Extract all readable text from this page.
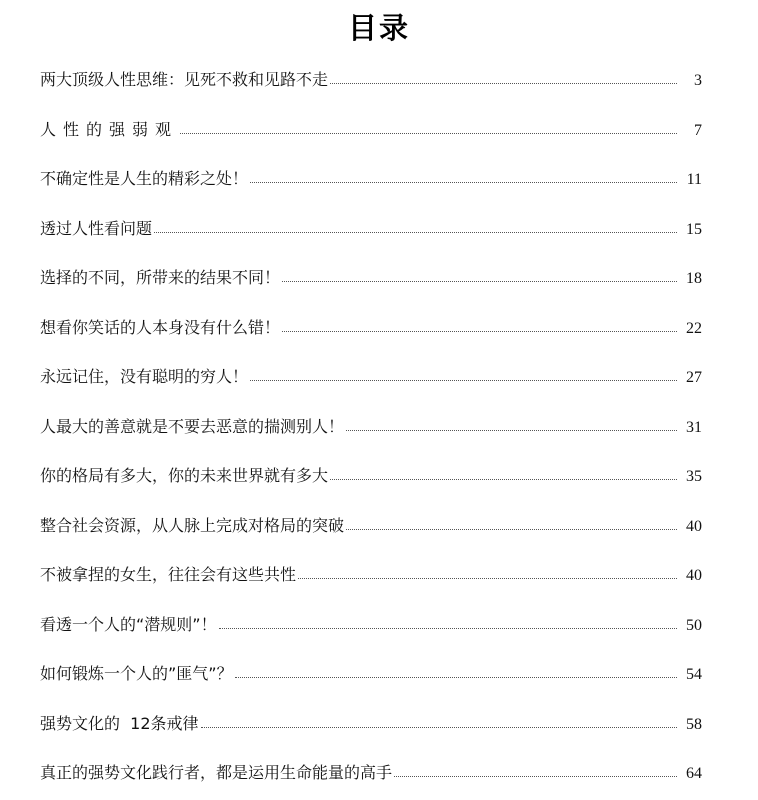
目录
两大顶级人性思维：见死不救和见路不走	3
人性的强弱观	7
不确定性是人生的精彩之处！	11
透过人性看问题	15
选择的不同，所带来的结果不同！	18
想看你笑话的人本身没有什么错！	22
永远记住，没有聪明的穷人！	27
人最大的善意就是不要去恶意的揣测别人！	31
你的格局有多大，你的未来世界就有多大	35
整合社会资源，从人脉上完成对格局的突破	40
不被拿捏的女生，往往会有这些共性	40
看透一个人的“潜规则”！	50
如何锻炼一个人的”匪气”？	54
强势文化的  12条戒律	58
真正的强势文化践行者，都是运用生命能量的高手	64
